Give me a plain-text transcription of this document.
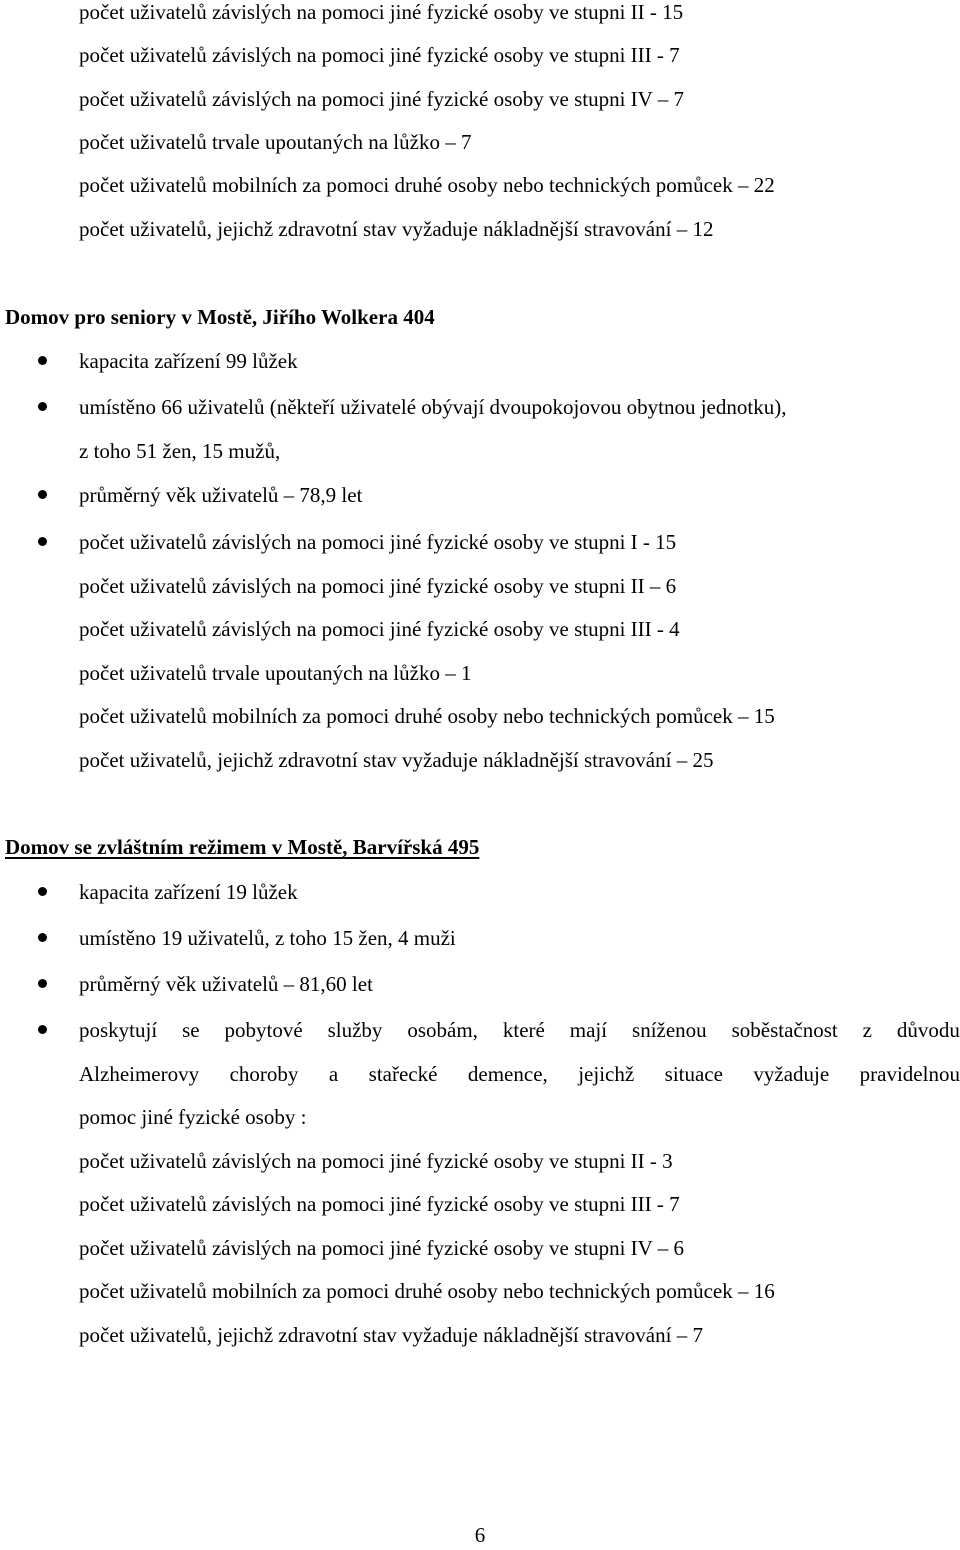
počet uživatelů závislých na pomoci jiné fyzické osoby ve stupni II - 15
počet uživatelů závislých na pomoci jiné fyzické osoby ve stupni III - 7
počet uživatelů závislých na pomoci jiné fyzické osoby ve stupni IV – 7
počet uživatelů trvale upoutaných na lůžko – 7
počet uživatelů mobilních za pomoci druhé osoby nebo technických pomůcek – 22
počet uživatelů, jejichž zdravotní stav vyžaduje nákladnější stravování – 12
Domov pro seniory v Mostě, Jiřího Wolkera 404
kapacita zařízení 99 lůžek
umístěno 66 uživatelů (někteří uživatelé obývají dvoupokojovou obytnou jednotku),
z toho 51 žen, 15 mužů,
průměrný věk uživatelů – 78,9 let
počet uživatelů závislých na pomoci jiné fyzické osoby ve stupni I - 15
počet uživatelů závislých na pomoci jiné fyzické osoby ve stupni II – 6
počet uživatelů závislých na pomoci jiné fyzické osoby ve stupni III - 4
počet uživatelů trvale upoutaných na lůžko – 1
počet uživatelů mobilních za pomoci druhé osoby nebo technických pomůcek – 15
počet uživatelů, jejichž zdravotní stav vyžaduje nákladnější stravování – 25
Domov se zvláštním režimem v Mostě, Barvířská 495
kapacita zařízení 19 lůžek
umístěno 19 uživatelů, z toho 15 žen, 4 muži
průměrný věk uživatelů – 81,60 let
poskytují se pobytové služby osobám, které mají sníženou soběstačnost z důvodu
Alzheimerovy choroby a stařecké demence, jejichž situace vyžaduje pravidelnou
pomoc jiné fyzické osoby :
počet uživatelů závislých na pomoci jiné fyzické osoby ve stupni II - 3
počet uživatelů závislých na pomoci jiné fyzické osoby ve stupni III - 7
počet uživatelů závislých na pomoci jiné fyzické osoby ve stupni IV – 6
počet uživatelů mobilních za pomoci druhé osoby nebo technických pomůcek – 16
počet uživatelů, jejichž zdravotní stav vyžaduje nákladnější stravování – 7
6
